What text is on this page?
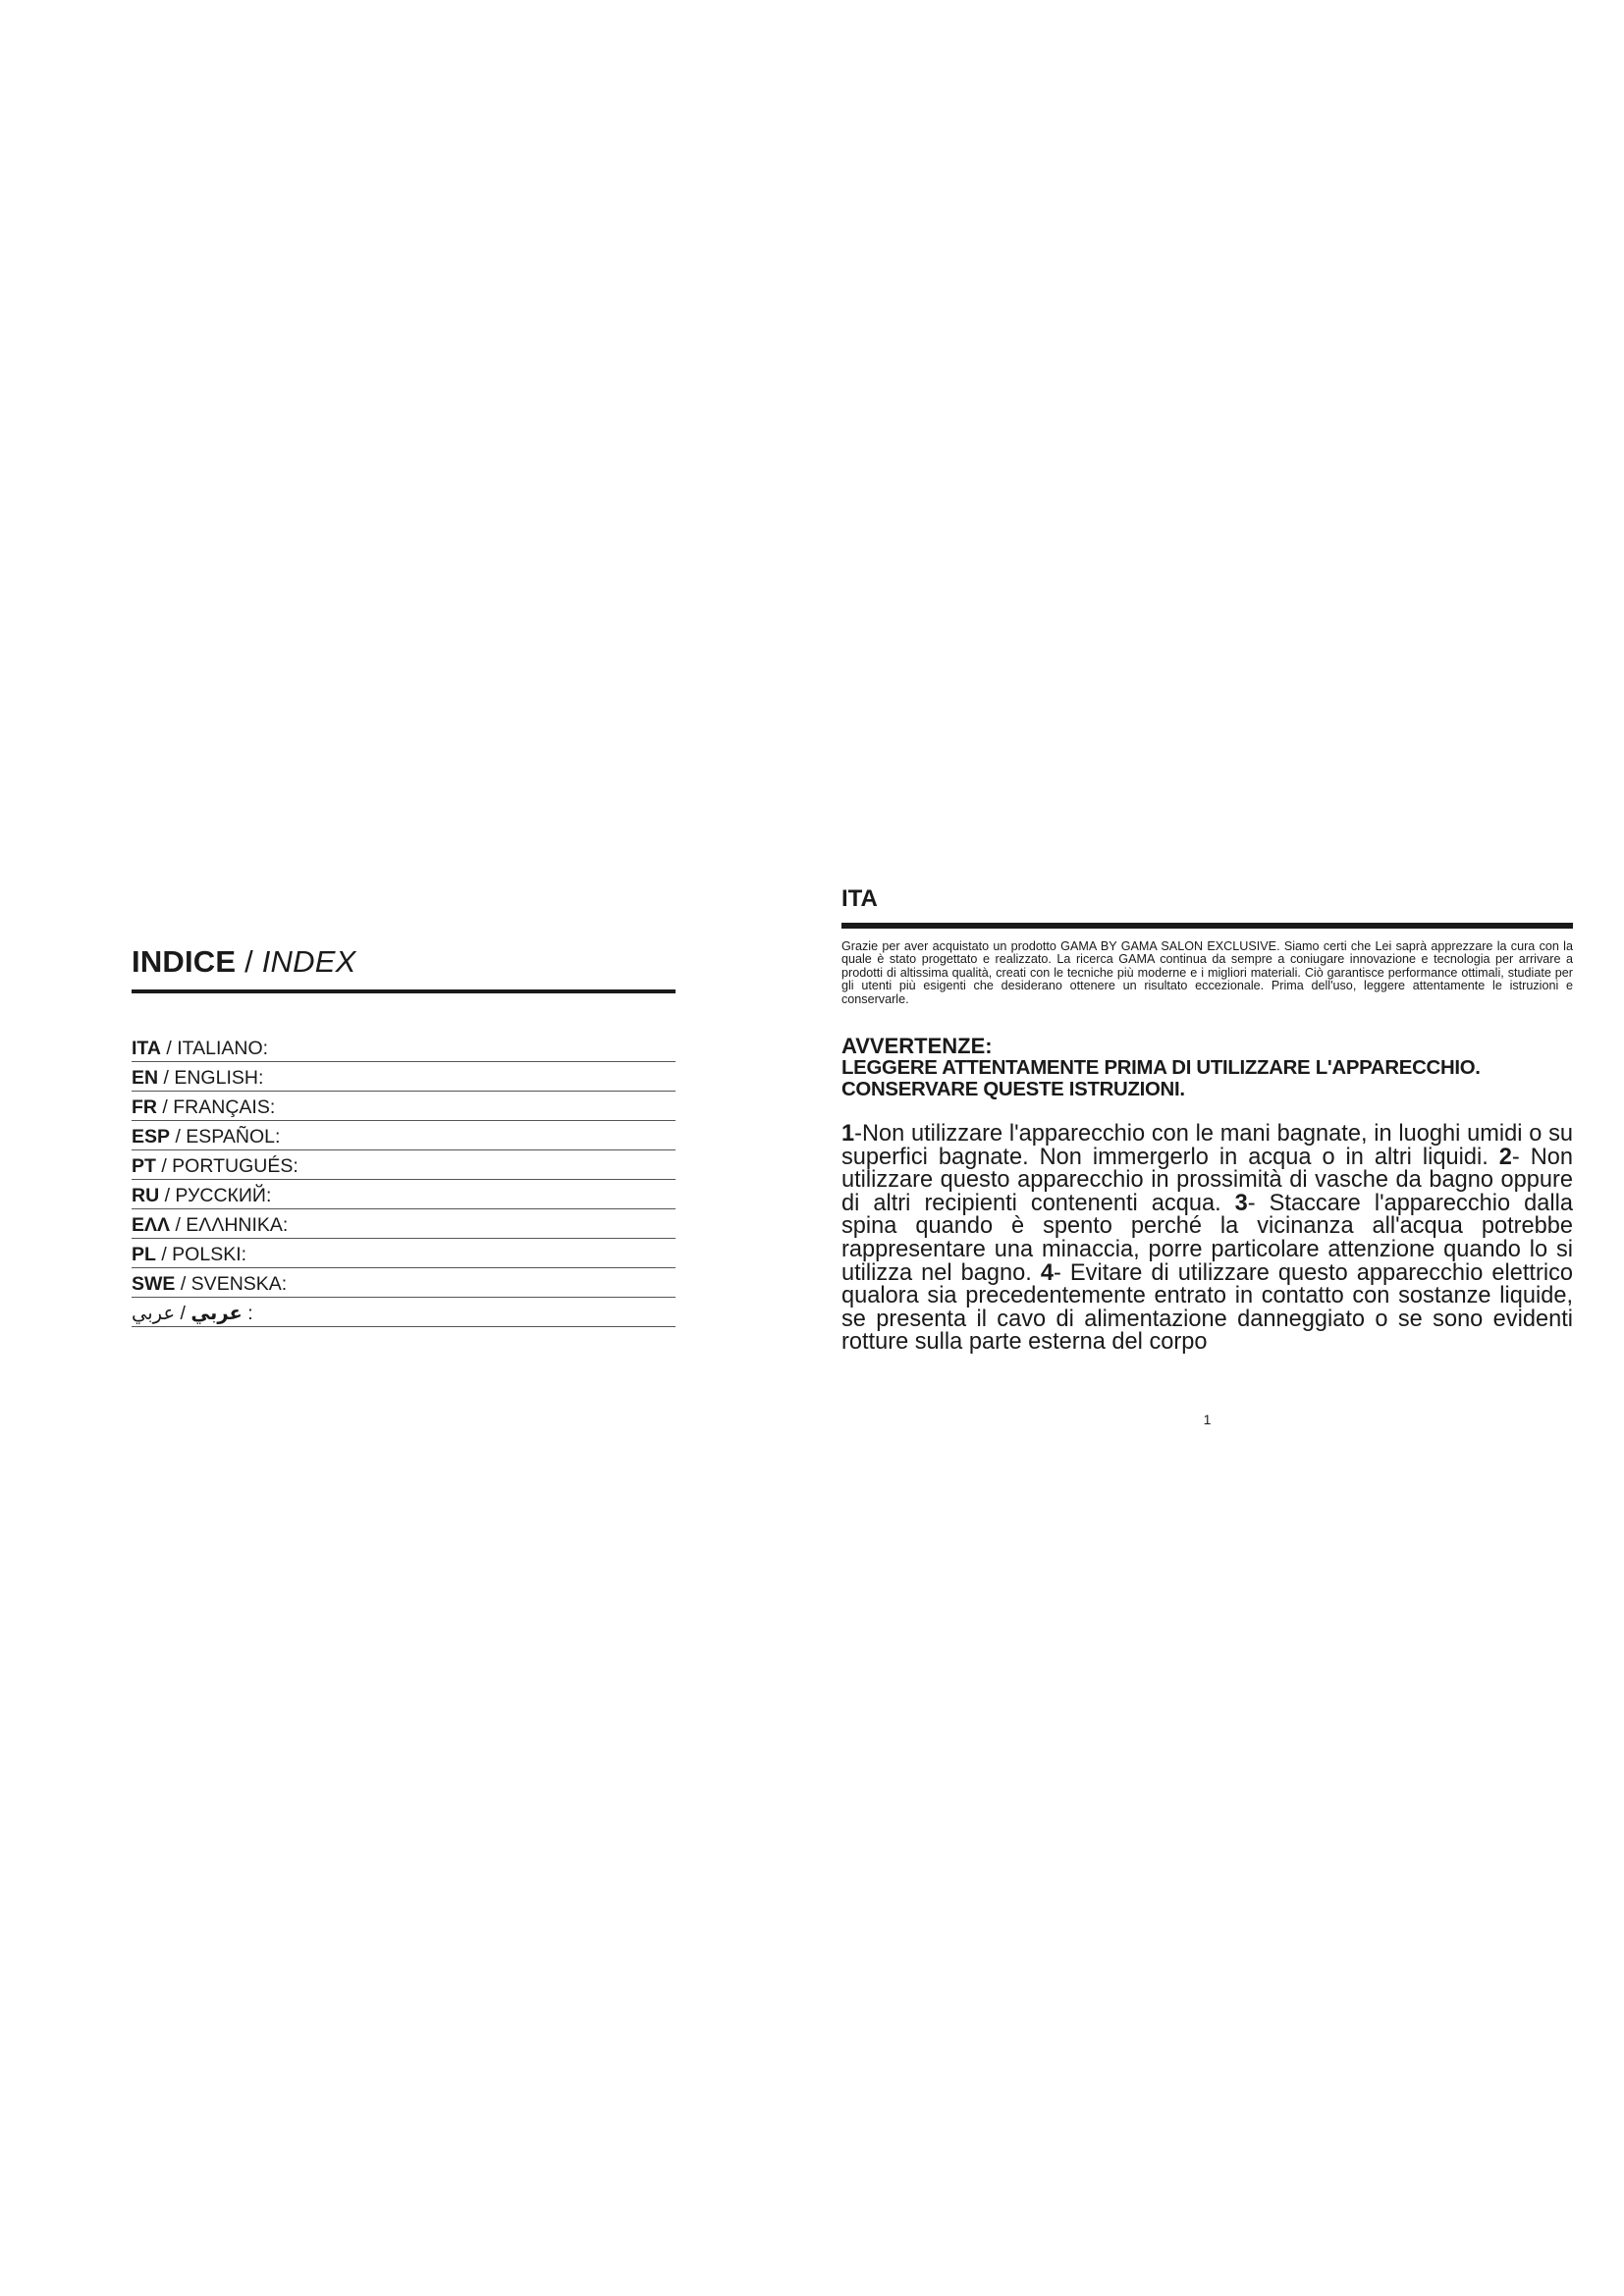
INDICE / INDEX
ITA / ITALIANO:
EN / ENGLISH:
FR / FRANÇAIS:
ESP / ESPAÑOL:
PT / PORTUGUÉS:
RU / РУССКИЙ:
ΕΛΛ / ΕΛΛΗΝΙΚΑ:
PL / POLSKI:
SWE / SVENSKA:
عربي / عربي :
ITA

Grazie per aver acquistato un prodotto GAMA BY GAMA SALON EXCLUSIVE. Siamo certi che Lei saprà apprezzare la cura con la quale è stato progettato e realizzato. La ricerca GAMA continua da sempre a coniugare innovazione e tecnologia per arrivare a prodotti di altissima qualità, creati con le tecniche più moderne e i migliori materiali. Ciò garantisce performance ottimali, studiate per gli utenti più esigenti che desiderano ottenere un risultato eccezionale. Prima dell'uso, leggere attentamente le istruzioni e conservarle.

AVVERTENZE:

LEGGERE ATTENTAMENTE PRIMA DI UTILIZZARE L'APPARECCHIO.

CONSERVARE QUESTE ISTRUZIONI.

1-Non utilizzare l'apparecchio con le mani bagnate, in luoghi umidi o su superfici bagnate. Non immergerlo in acqua o in altri liquidi. 2- Non utilizzare questo apparecchio in prossimità di vasche da bagno oppure di altri recipienti contenenti acqua. 3- Staccare l'apparecchio dalla spina quando è spento perché la vicinanza all'acqua potrebbe rappresentare una minaccia, porre particolare attenzione quando lo si utilizza nel bagno. 4- Evitare di utilizzare questo apparecchio elettrico qualora sia precedentemente entrato in contatto con sostanze liquide, se presenta il cavo di alimentazione danneggiato o se sono evidenti rotture sulla parte esterna del corpo

1
